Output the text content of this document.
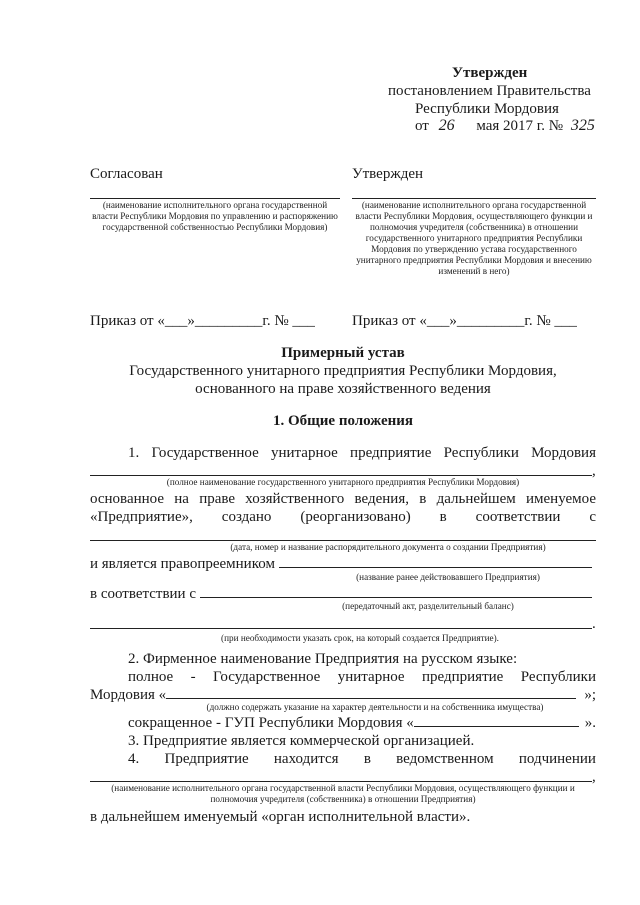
Утвержден
постановлением Правительства
Республики Мордовия
от 26 мая 2017 г. № 325
Согласован
(наименование исполнительного органа государственной власти Республики Мордовия по управлению и распоряжению государственной собственностью Республики Мордовия)
Приказ от «___»_________г. № ___
Утвержден
(наименование исполнительного органа государственной власти Республики Мордовия, осуществляющего функции и полномочия учредителя (собственника) в отношении государственного унитарного предприятия Республики Мордовия по утверждению устава государственного унитарного предприятия Республики Мордовия и внесению изменений в него)
Приказ от «___»_________г. № ___
Примерный устав
Государственного унитарного предприятия Республики Мордовия,
основанного на праве хозяйственного ведения
1. Общие положения
1. Государственное унитарное предприятие Республики Мордовия
,
(полное наименование государственного унитарного предприятия Республики Мордовия)
основанное на праве хозяйственного ведения, в дальнейшем именуемое
«Предприятие», создано (реорганизовано) в соответствии с
(дата, номер и название распорядительного документа о создании Предприятия)
и является правопреемником
(название ранее действовавшего Предприятия)
в соответствии с
(передаточный акт, разделительный баланс)
.
(при необходимости указать срок, на который создается Предприятие).
2. Фирменное наименование Предприятия на русском языке:
полное - Государственное унитарное предприятие Республики
Мордовия «	»;
(должно содержать указание на характер деятельности и на собственника имущества)
сокращенное - ГУП Республики Мордовия «	».
3. Предприятие является коммерческой организацией.
4. Предприятие находится в ведомственном подчинении
,
(наименование исполнительного органа государственной власти Республики Мордовия, осуществляющего функции и полномочия учредителя (собственника) в отношении Предприятия)
в дальнейшем именуемый «орган исполнительной власти».
